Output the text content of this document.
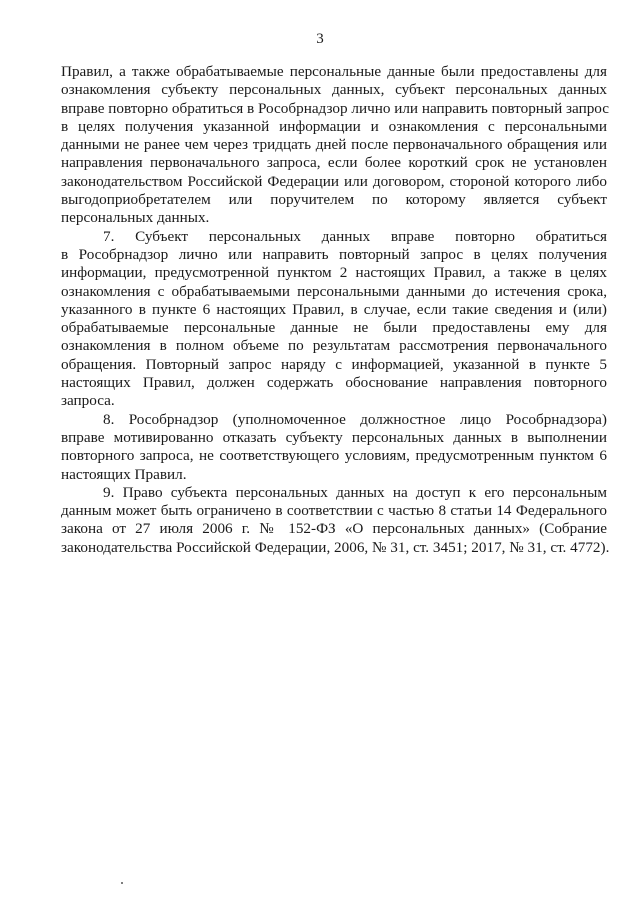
3
Правил, а также обрабатываемые персональные данные были предоставлены для
ознакомления субъекту персональных данных, субъект персональных данных
вправе повторно обратиться в Рособрнадзор лично или направить повторный запрос
в целях получения указанной информации и ознакомления с персональными
данными не ранее чем через тридцать дней после первоначального обращения или
направления первоначального запроса, если более короткий срок не установлен
законодательством Российской Федерации или договором, стороной которого либо
выгодоприобретателем или поручителем по которому является субъект
персональных данных.
7. Субъект персональных данных вправе повторно обратиться
в Рособрнадзор лично или направить повторный запрос в целях получения
информации, предусмотренной пунктом 2 настоящих Правил, а также в целях
ознакомления с обрабатываемыми персональными данными до истечения срока,
указанного в пункте 6 настоящих Правил, в случае, если такие сведения и (или)
обрабатываемые персональные данные не были предоставлены ему для
ознакомления в полном объеме по результатам рассмотрения первоначального
обращения. Повторный запрос наряду с информацией, указанной в пункте 5
настоящих Правил, должен содержать обоснование направления повторного
запроса.
8. Рособрнадзор (уполномоченное должностное лицо Рособрнадзора)
вправе мотивированно отказать субъекту персональных данных в выполнении
повторного запроса, не соответствующего условиям, предусмотренным пунктом 6
настоящих Правил.
9. Право субъекта персональных данных на доступ к его персональным
данным может быть ограничено в соответствии с частью 8 статьи 14 Федерального
закона от 27 июля 2006 г. № 152-ФЗ «О персональных данных» (Собрание
законодательства Российской Федерации, 2006, № 31, ст. 3451; 2017, № 31, ст. 4772).
